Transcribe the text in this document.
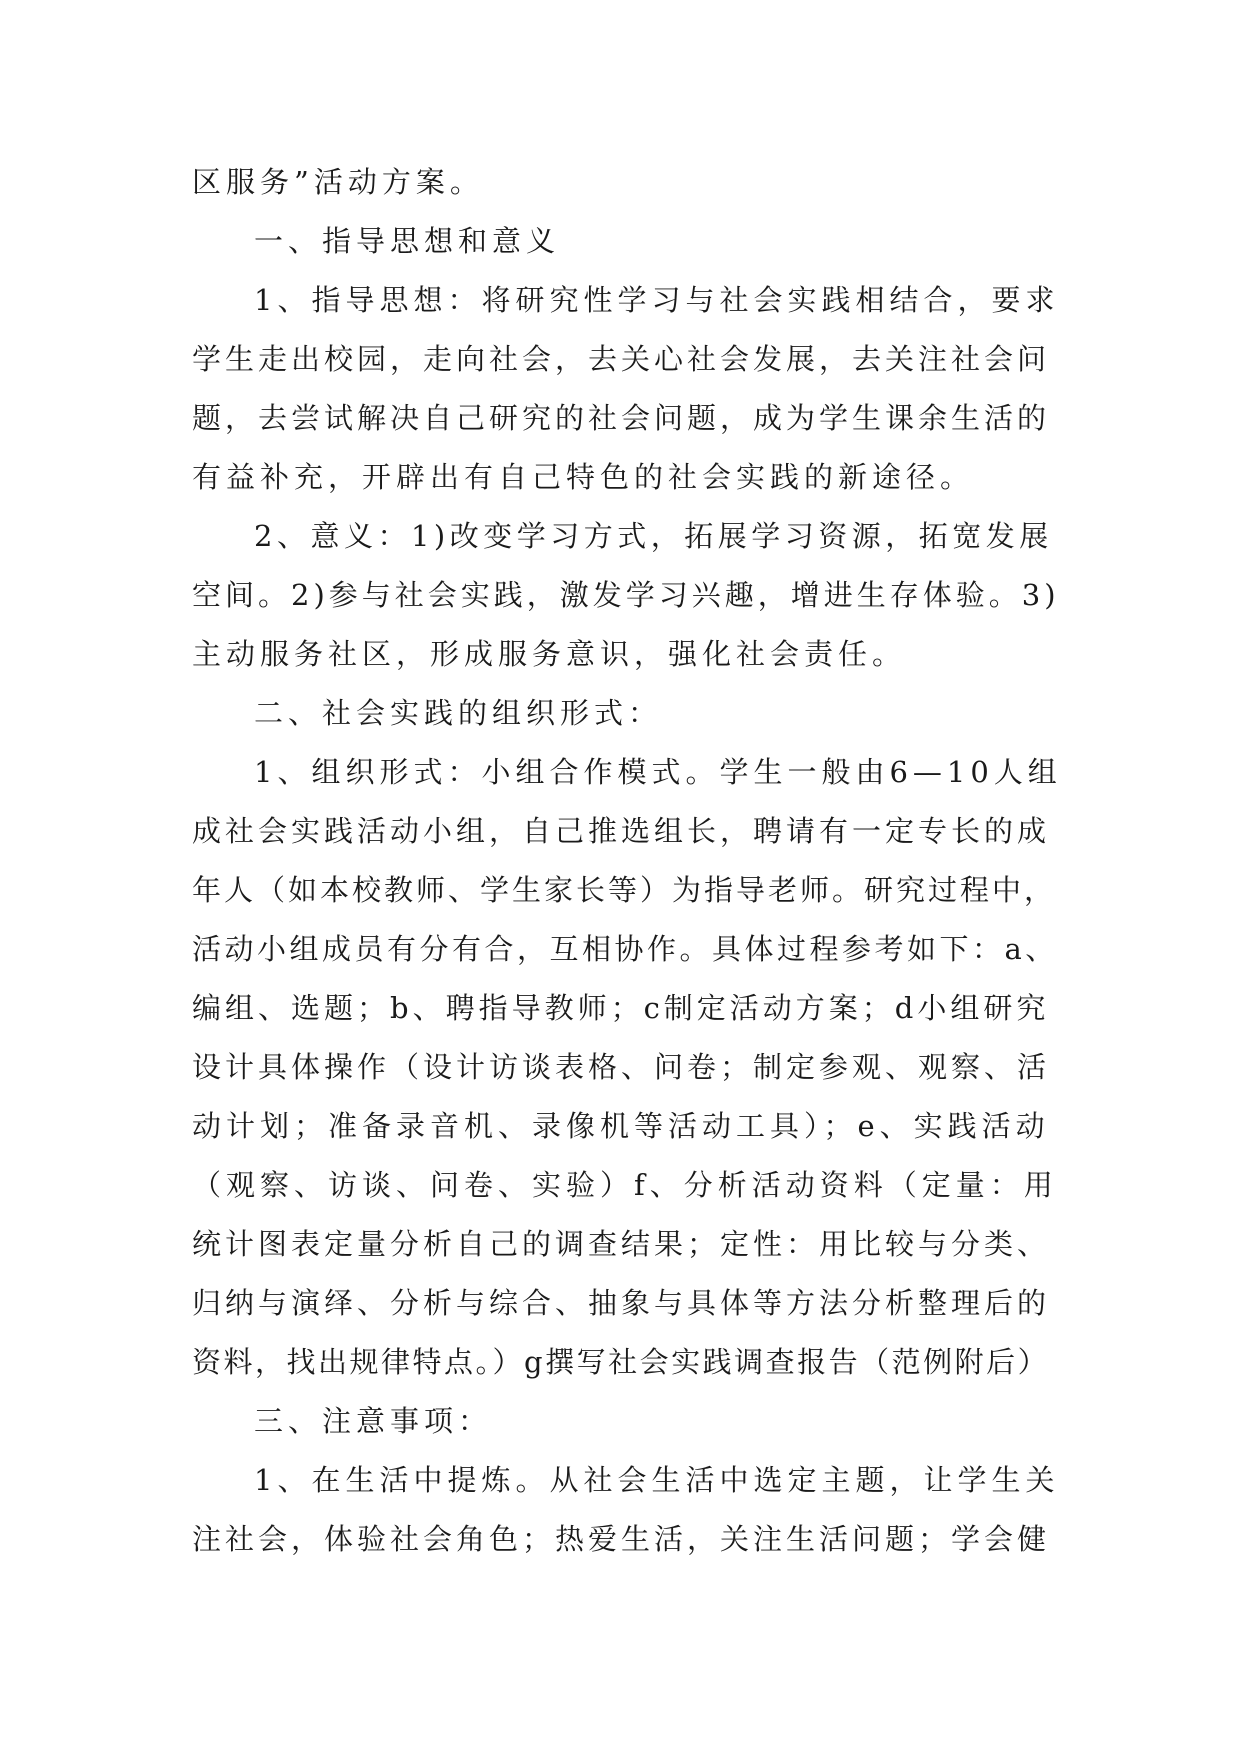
区服务”活动方案。
一、指导思想和意义
1、指导思想：将研究性学习与社会实践相结合，要求
学生走出校园，走向社会，去关心社会发展，去关注社会问
题，去尝试解决自己研究的社会问题，成为学生课余生活的
有益补充，开辟出有自己特色的社会实践的新途径。
2、意义：1)改变学习方式，拓展学习资源，拓宽发展
空间。2)参与社会实践，激发学习兴趣，增进生存体验。3)
主动服务社区，形成服务意识，强化社会责任。
二、社会实践的组织形式：
1、组织形式：小组合作模式。学生一般由6—10人组
成社会实践活动小组，自己推选组长，聘请有一定专长的成
年人（如本校教师、学生家长等）为指导老师。研究过程中，
活动小组成员有分有合，互相协作。具体过程参考如下：a、
编组、选题；b、聘指导教师；c制定活动方案；d小组研究
设计具体操作（设计访谈表格、问卷；制定参观、观察、活
动计划；准备录音机、录像机等活动工具）；e、实践活动
（观察、访谈、问卷、实验）f、分析活动资料（定量：用
统计图表定量分析自己的调查结果；定性：用比较与分类、
归纳与演绎、分析与综合、抽象与具体等方法分析整理后的
资料，找出规律特点。）g撰写社会实践调查报告（范例附后）
三、注意事项：
1、在生活中提炼。从社会生活中选定主题，让学生关
注社会，体验社会角色；热爱生活，关注生活问题；学会健
